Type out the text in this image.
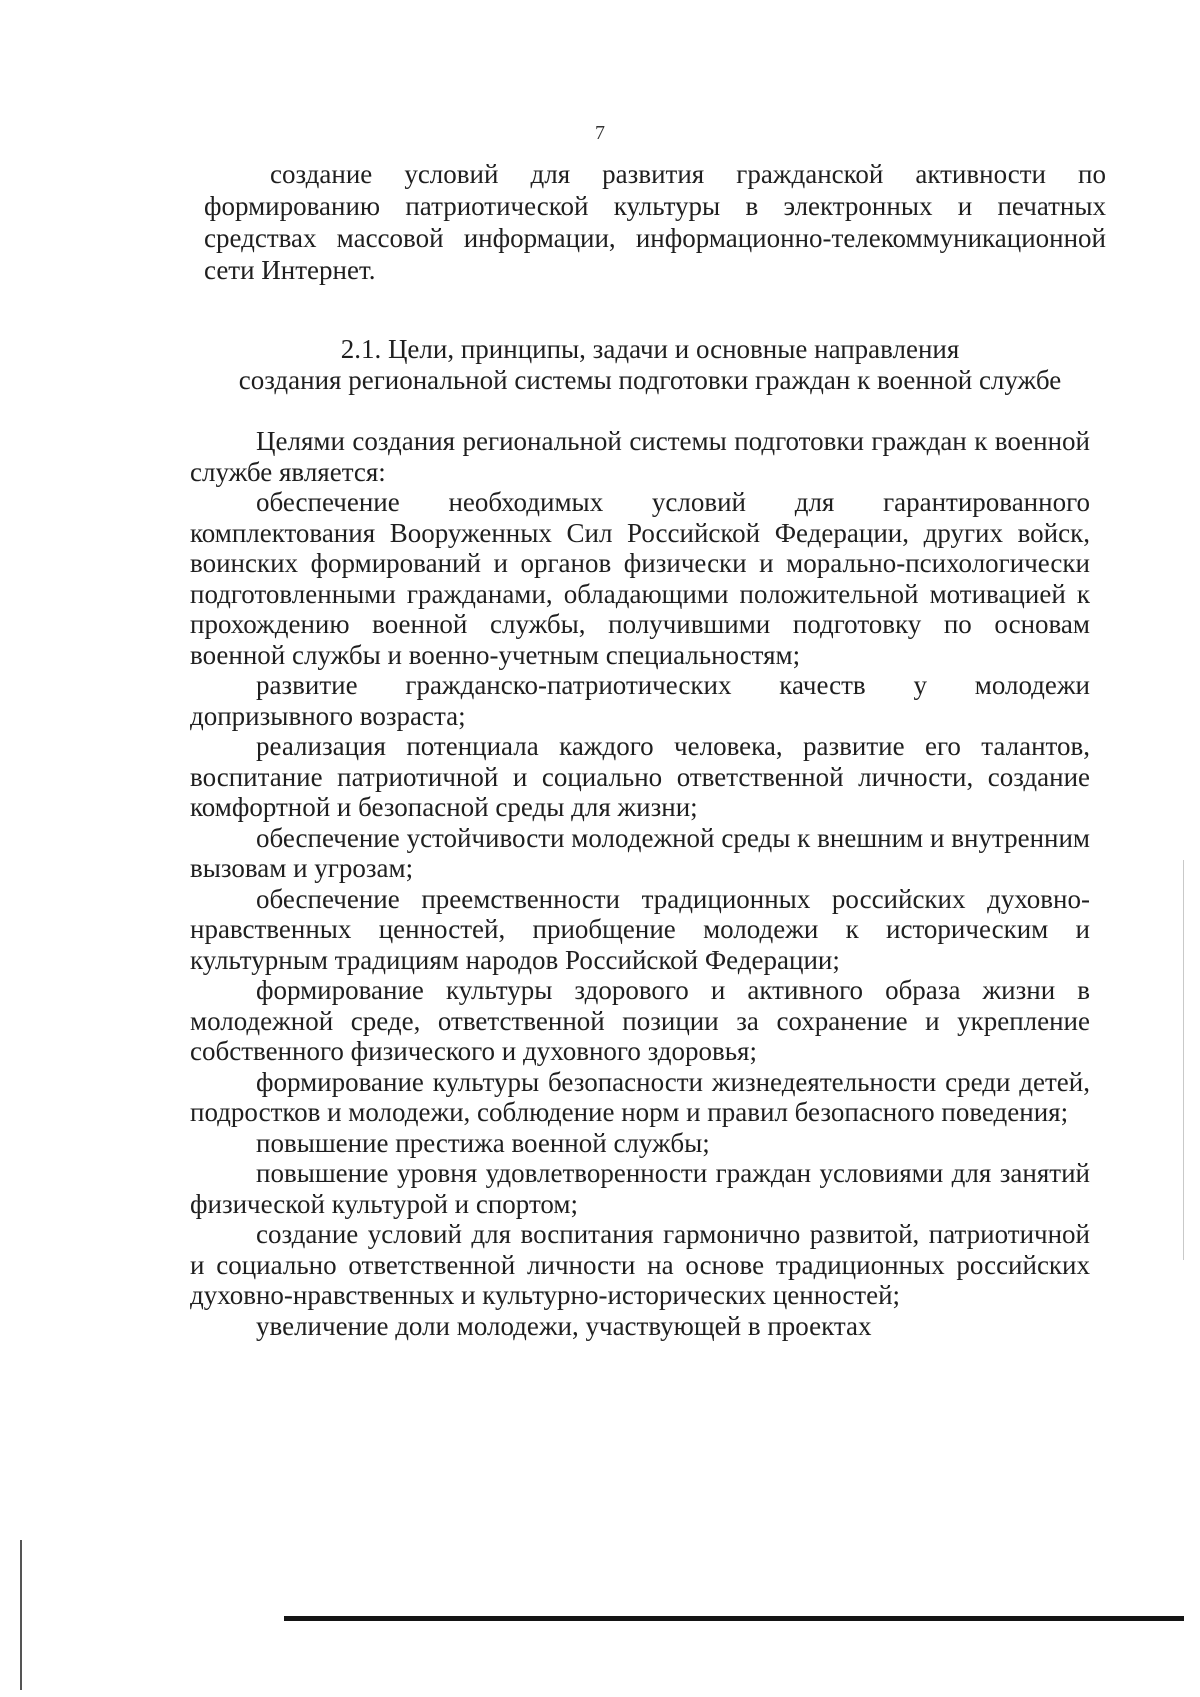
7

создание условий для развития гражданской активности по формированию патриотической культуры в электронных и печатных средствах массовой информации, информационно-телекоммуникационной сети Интернет.

2.1. Цели, принципы, задачи и основные направления
создания региональной системы подготовки граждан к военной службе

Целями создания региональной системы подготовки граждан к военной службе является:

обеспечение необходимых условий для гарантированного комплектования Вооруженных Сил Российской Федерации, других войск, воинских формирований и органов физически и морально-психологически подготовленными гражданами, обладающими положительной мотивацией к прохождению военной службы, получившими подготовку по основам военной службы и военно-учетным специальностям;

развитие гражданско-патриотических качеств у молодежи допризывного возраста;

реализация потенциала каждого человека, развитие его талантов, воспитание патриотичной и социально ответственной личности, создание комфортной и безопасной среды для жизни;

обеспечение устойчивости молодежной среды к внешним и внутренним вызовам и угрозам;

обеспечение преемственности традиционных российских духовно-нравственных ценностей, приобщение молодежи к историческим и культурным традициям народов Российской Федерации;

формирование культуры здорового и активного образа жизни в молодежной среде, ответственной позиции за сохранение и укрепление собственного физического и духовного здоровья;

формирование культуры безопасности жизнедеятельности среди детей, подростков и молодежи, соблюдение норм и правил безопасного поведения;

повышение престижа военной службы;

повышение уровня удовлетворенности граждан условиями для занятий физической культурой и спортом;

создание условий для воспитания гармонично развитой, патриотичной и социально ответственной личности на основе традиционных российских духовно-нравственных и культурно-исторических ценностей;

увеличение доли молодежи, участвующей в проектах
